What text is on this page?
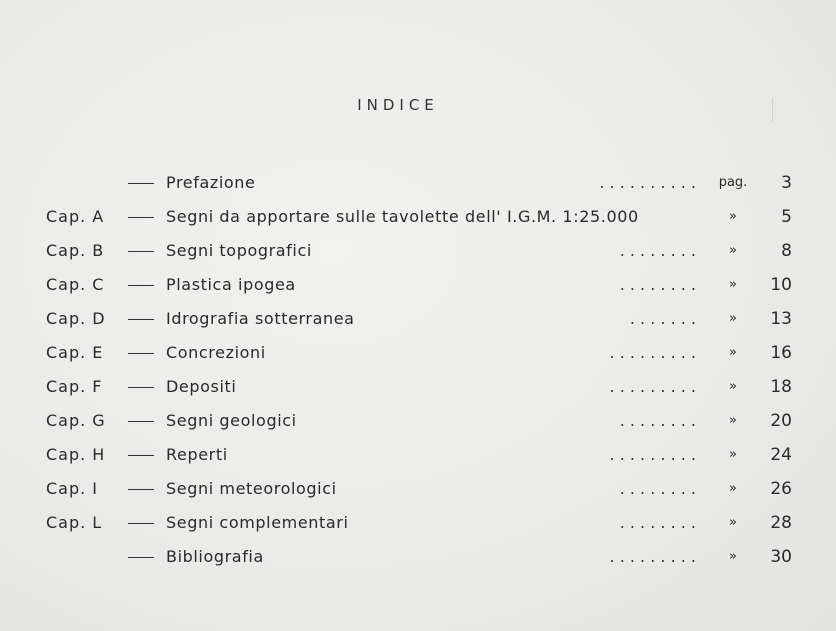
INDICE
Prefazione	. . . . . . . . . . pag.	3
Cap. A	Segni da apportare sulle tavolette dell' I.G.M. 1:25.000	»	5
Cap. B	Segni topografici	. . . . . . . .	»	8
Cap. C	Plastica ipogea	. . . . . . . .	»	10
Cap. D	Idrografia sotterranea	. . . . . . .	»	13
Cap. E	Concrezioni	. . . . . . . . .	»	16
Cap. F	Depositi	. . . . . . . . .	»	18
Cap. G	Segni geologici	. . . . . . . .	»	20
Cap. H	Reperti	. . . . . . . . .	»	24
Cap. I	Segni meteorologici	. . . . . . . .	»	26
Cap. L	Segni complementari	. . . . . . . .	»	28
Bibliografia	. . . . . . . . .	»	30
